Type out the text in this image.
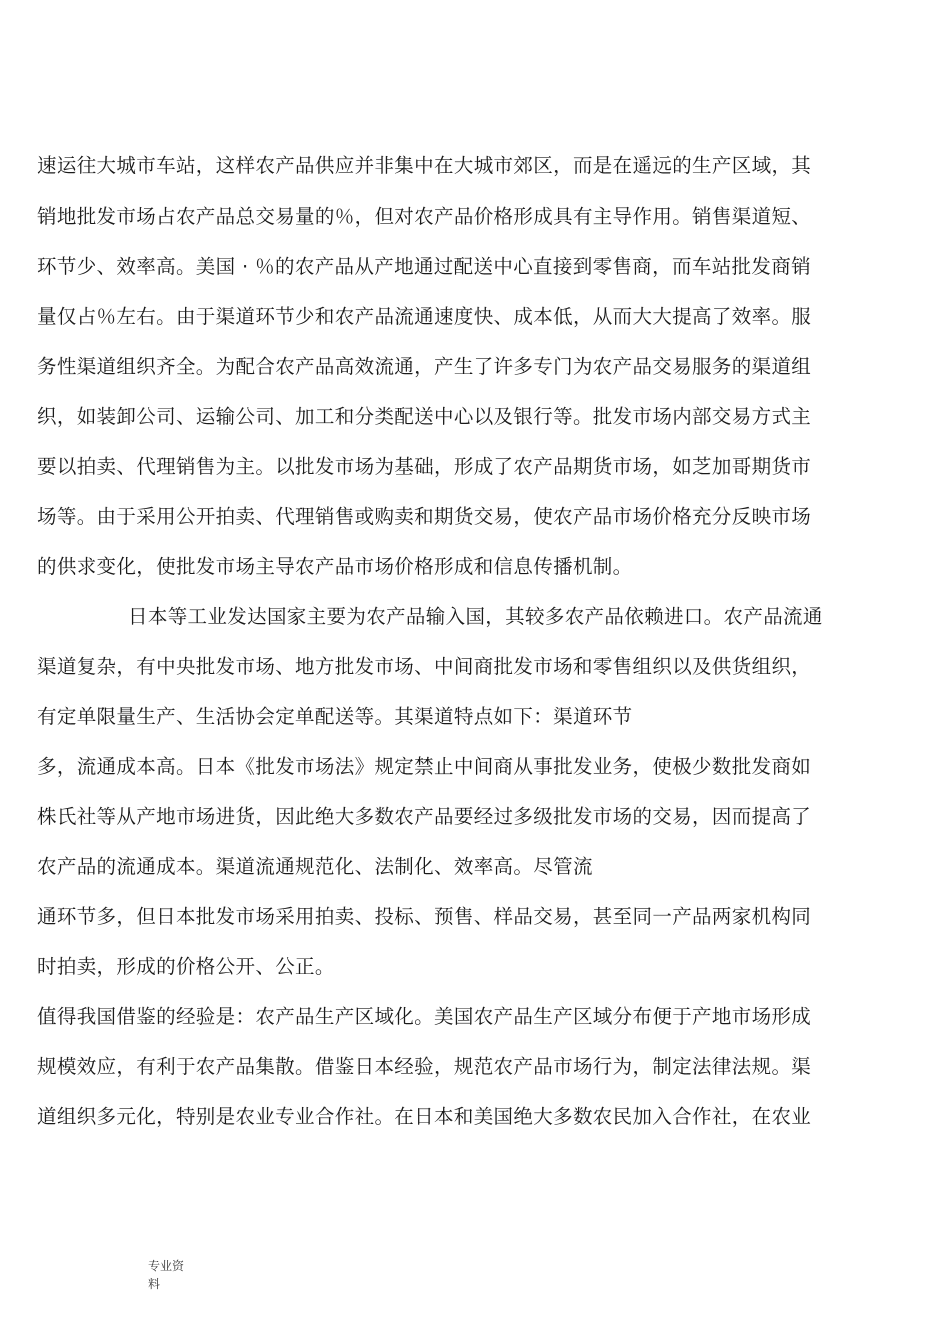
速运往大城市车站，这样农产品供应并非集中在大城市郊区，而是在遥远的生产区域，其
销地批发市场占农产品总交易量的％，但对农产品价格形成具有主导作用。销售渠道短、
环节少、效率高。美国 · ％的农产品从产地通过配送中心直接到零售商，而车站批发商销
量仅占％左右。由于渠道环节少和农产品流通速度快、成本低，从而大大提高了效率。服
务性渠道组织齐全。为配合农产品高效流通，产生了许多专门为农产品交易服务的渠道组
织，如装卸公司、运输公司、加工和分类配送中心以及银行等。批发市场内部交易方式主
要以拍卖、代理销售为主。以批发市场为基础，形成了农产品期货市场，如芝加哥期货市
场等。由于采用公开拍卖、代理销售或购卖和期货交易，使农产品市场价格充分反映市场
的供求变化，使批发市场主导农产品市场价格形成和信息传播机制。
日本等工业发达国家主要为农产品输入国，其较多农产品依赖进口。农产品流通
渠道复杂，有中央批发市场、地方批发市场、中间商批发市场和零售组织以及供货组织，
有定单限量生产、生活协会定单配送等。其渠道特点如下：渠道环节
多，流通成本高。日本《批发市场法》规定禁止中间商从事批发业务，使极少数批发商如
株氏社等从产地市场进货，因此绝大多数农产品要经过多级批发市场的交易，因而提高了
农产品的流通成本。渠道流通规范化、法制化、效率高。尽管流
通环节多，但日本批发市场采用拍卖、投标、预售、样品交易，甚至同一产品两家机构同
时拍卖，形成的价格公开、公正。
值得我国借鉴的经验是：农产品生产区域化。美国农产品生产区域分布便于产地市场形成
规模效应，有利于农产品集散。借鉴日本经验，规范农产品市场行为，制定法律法规。渠
道组织多元化，特别是农业专业合作社。在日本和美国绝大多数农民加入合作社，在农业
专业资
料
